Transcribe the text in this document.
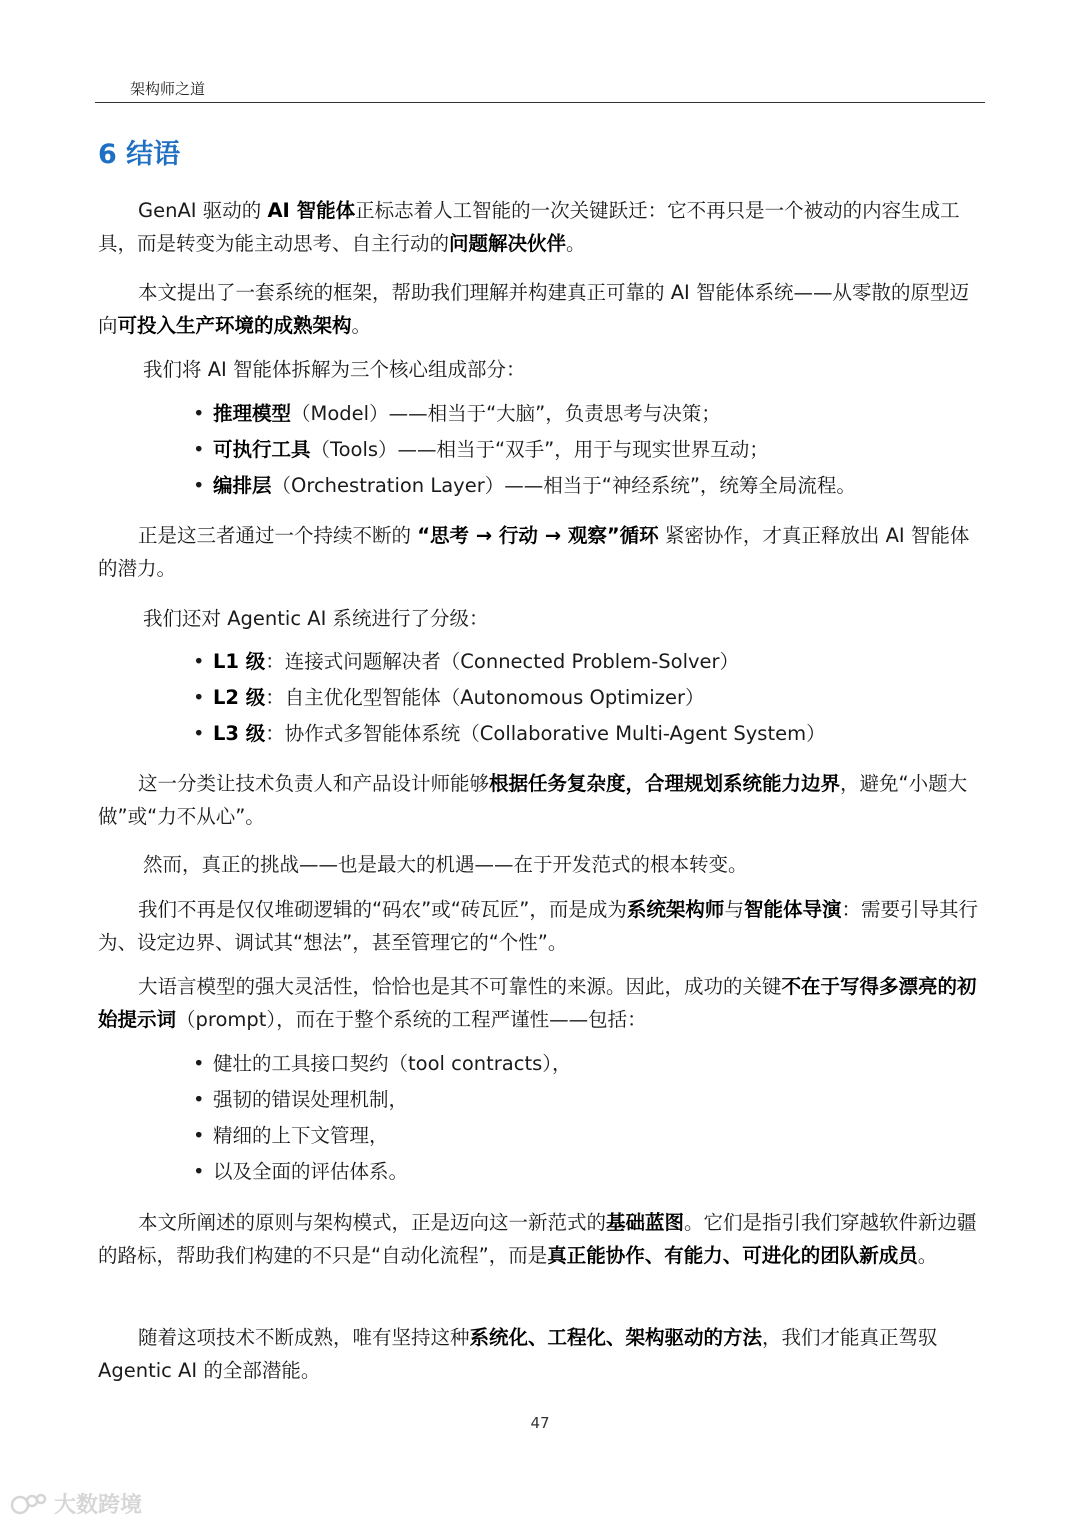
架构师之道
6 结语
GenAI 驱动的 AI 智能体正标志着人工智能的一次关键跃迁：它不再只是一个被动的内容生成工具，而是转变为能主动思考、自主行动的问题解决伙伴。
本文提出了一套系统的框架，帮助我们理解并构建真正可靠的 AI 智能体系统——从零散的原型迈向可投入生产环境的成熟架构。
我们将 AI 智能体拆解为三个核心组成部分：
• 推理模型（Model）——相当于“大脑”，负责思考与决策；
• 可执行工具（Tools）——相当于“双手”，用于与现实世界互动；
• 编排层（Orchestration Layer）——相当于“神经系统”，统筹全局流程。
正是这三者通过一个持续不断的 “思考 → 行动 → 观察”循环 紧密协作，才真正释放出 AI 智能体的潜力。
我们还对 Agentic AI 系统进行了分级：
• L1 级：连接式问题解决者（Connected Problem-Solver）
• L2 级：自主优化型智能体（Autonomous Optimizer）
• L3 级：协作式多智能体系统（Collaborative Multi-Agent System）
这一分类让技术负责人和产品设计师能够根据任务复杂度，合理规划系统能力边界，避免“小题大做”或“力不从心”。
然而，真正的挑战——也是最大的机遇——在于开发范式的根本转变。
我们不再是仅仅堆砌逻辑的“码农”或“砖瓦匠”，而是成为系统架构师与智能体导演：需要引导其行为、设定边界、调试其“想法”，甚至管理它的“个性”。
大语言模型的强大灵活性，恰恰也是其不可靠性的来源。因此，成功的关键不在于写得多漂亮的初始提示词（prompt），而在于整个系统的工程严谨性——包括：
• 健壮的工具接口契约（tool contracts），
• 强韧的错误处理机制，
• 精细的上下文管理，
• 以及全面的评估体系。
本文所阐述的原则与架构模式，正是迈向这一新范式的基础蓝图。它们是指引我们穿越软件新边疆的路标，帮助我们构建的不只是“自动化流程”，而是真正能协作、有能力、可进化的团队新成员。
随着这项技术不断成熟，唯有坚持这种系统化、工程化、架构驱动的方法，我们才能真正驾驭 Agentic AI 的全部潜能。
47
大数跨境
